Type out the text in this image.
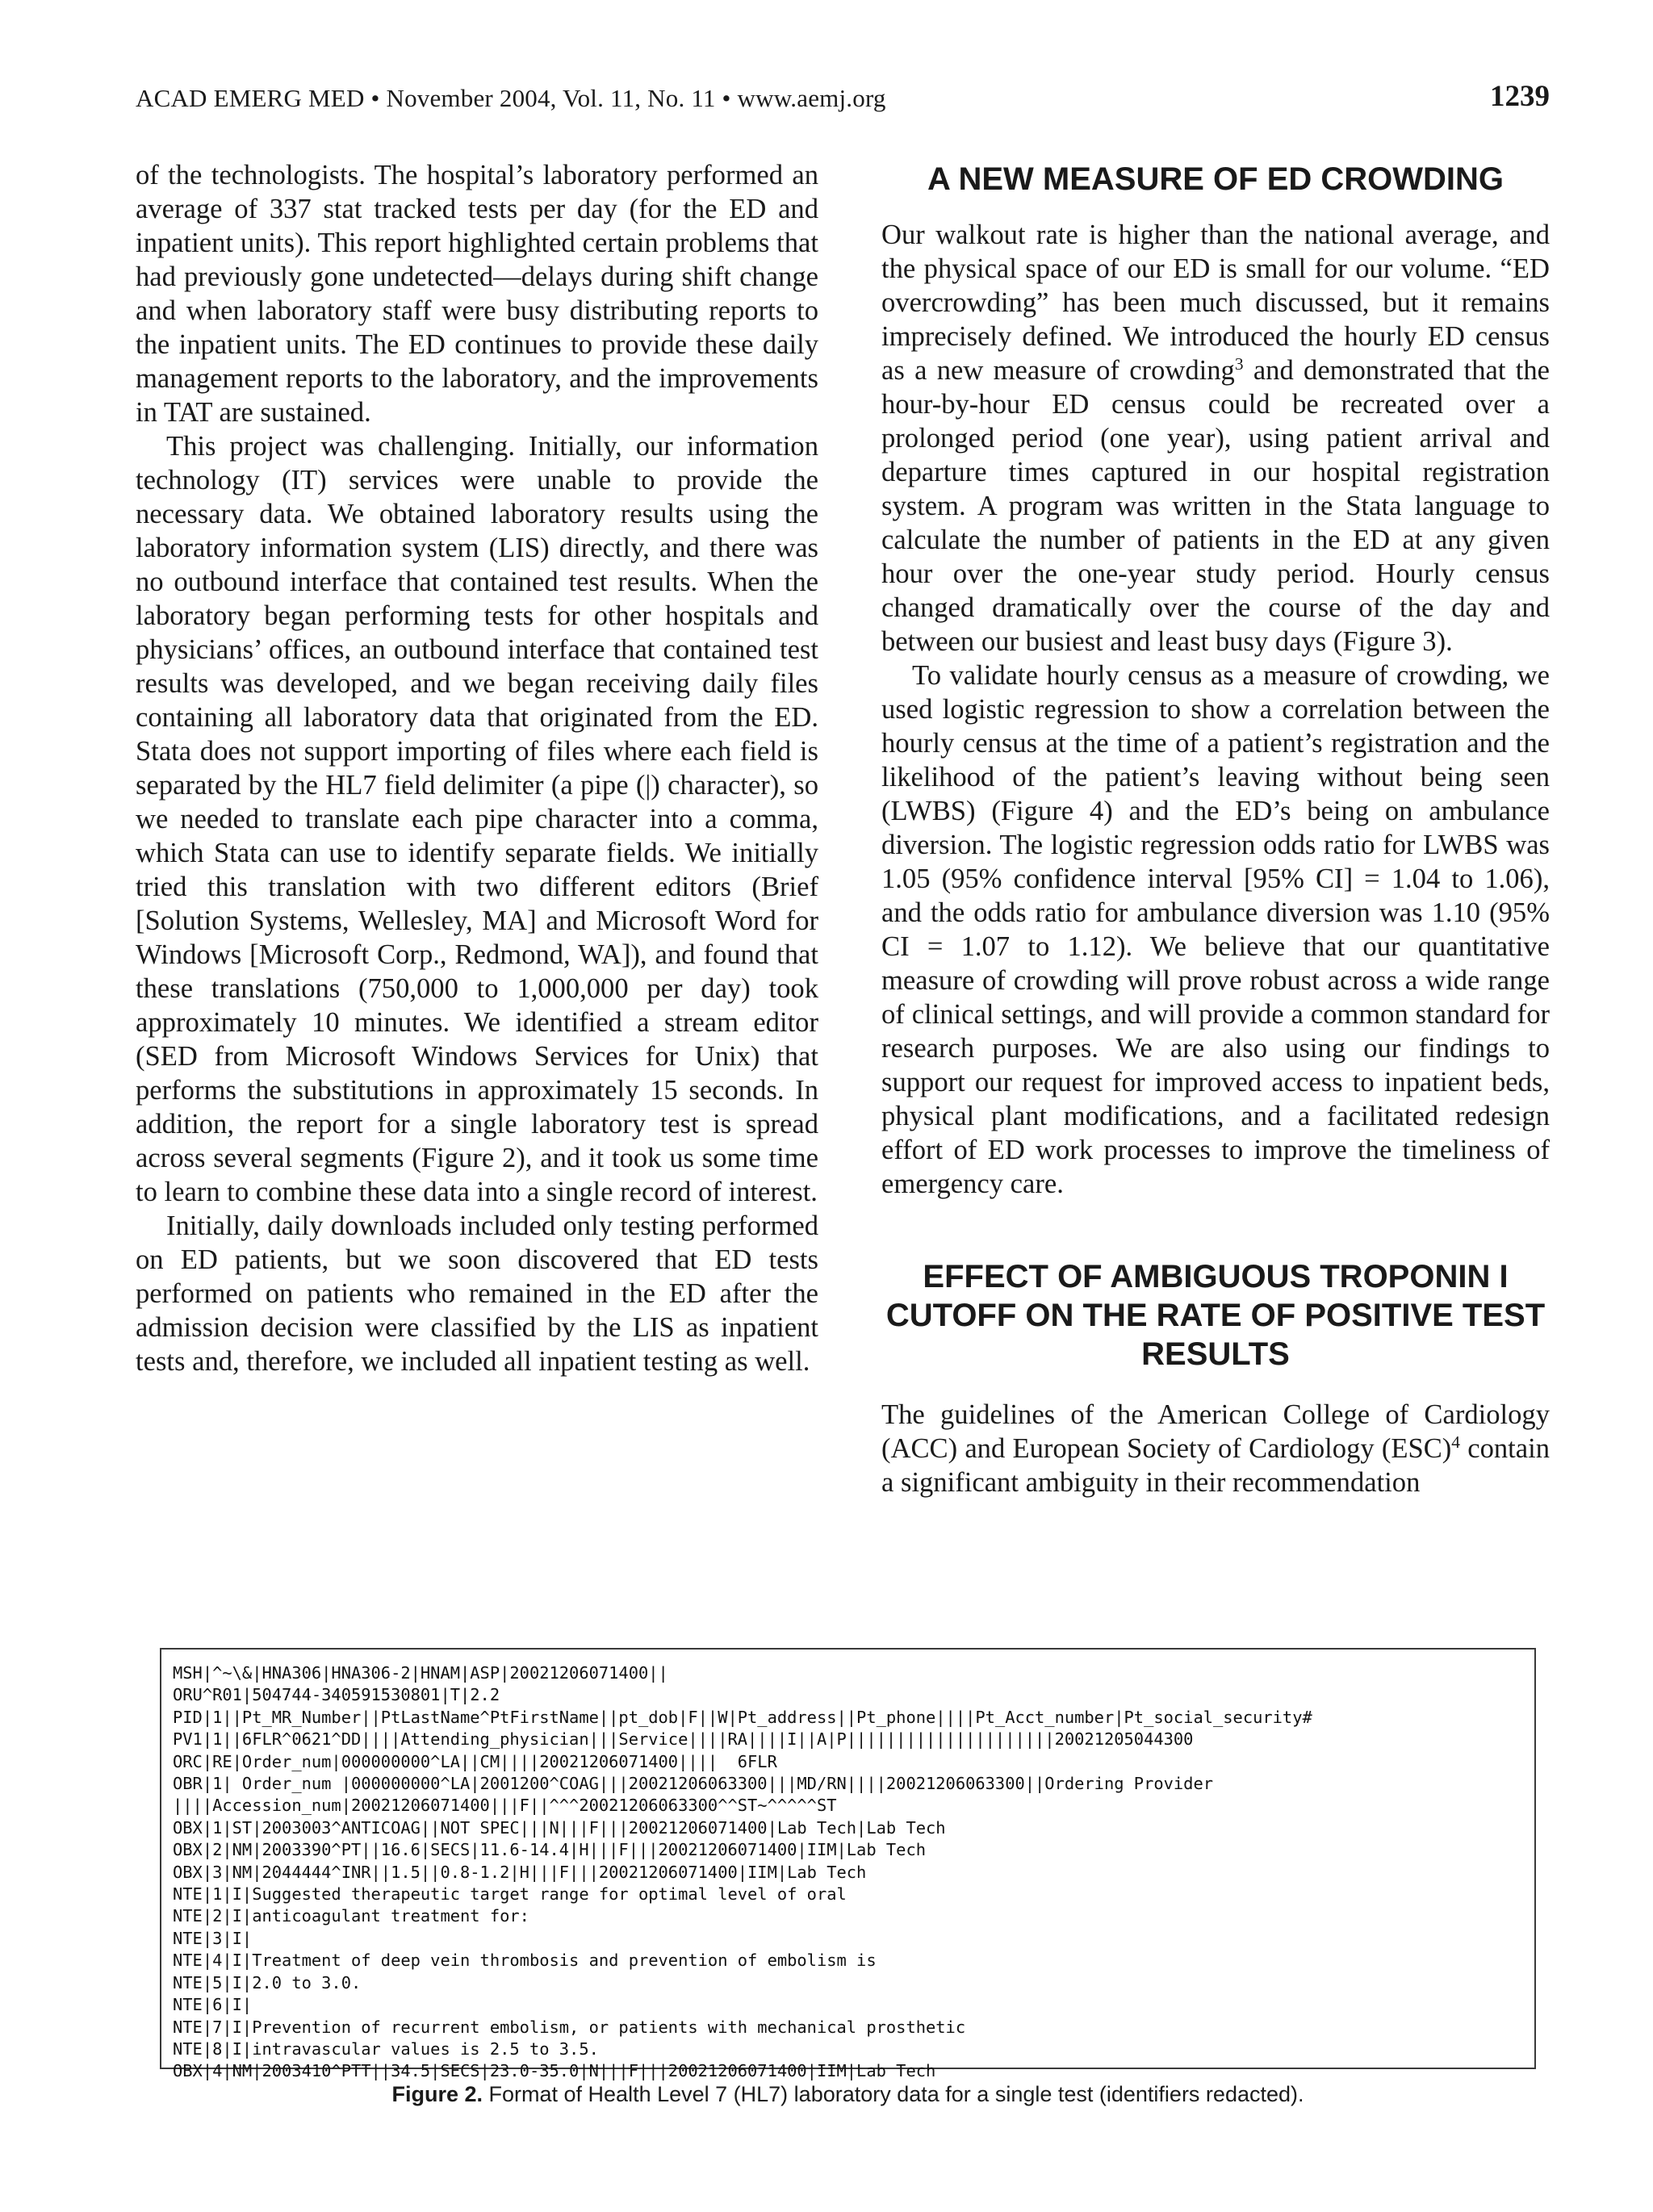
ACAD EMERG MED • November 2004, Vol. 11, No. 11 • www.aemj.org	1239

of the technologists. The hospital’s laboratory performed an average of 337 stat tracked tests per day (for the ED and inpatient units). This report highlighted certain problems that had previously gone undetected—delays during shift change and when laboratory staff were busy distributing reports to the inpatient units. The ED continues to provide these daily management reports to the laboratory, and the improvements in TAT are sustained.

This project was challenging. Initially, our information technology (IT) services were unable to provide the necessary data. We obtained laboratory results using the laboratory information system (LIS) directly, and there was no outbound interface that contained test results. When the laboratory began performing tests for other hospitals and physicians’ offices, an outbound interface that contained test results was developed, and we began receiving daily files containing all laboratory data that originated from the ED. Stata does not support importing of files where each field is separated by the HL7 field delimiter (a pipe (|) character), so we needed to translate each pipe character into a comma, which Stata can use to identify separate fields. We initially tried this translation with two different editors (Brief [Solution Systems, Wellesley, MA] and Microsoft Word for Windows [Microsoft Corp., Redmond, WA]), and found that these translations (750,000 to 1,000,000 per day) took approximately 10 minutes. We identified a stream editor (SED from Microsoft Windows Services for Unix) that performs the substitutions in approximately 15 seconds. In addition, the report for a single laboratory test is spread across several segments (Figure 2), and it took us some time to learn to combine these data into a single record of interest.

Initially, daily downloads included only testing performed on ED patients, but we soon discovered that ED tests performed on patients who remained in the ED after the admission decision were classified by the LIS as inpatient tests and, therefore, we included all inpatient testing as well.

A NEW MEASURE OF ED CROWDING

Our walkout rate is higher than the national average, and the physical space of our ED is small for our volume. “ED overcrowding” has been much discussed, but it remains imprecisely defined. We introduced the hourly ED census as a new measure of crowding$^3$ and demonstrated that the hour-by-hour ED census could be recreated over a prolonged period (one year), using patient arrival and departure times captured in our hospital registration system. A program was written in the Stata language to calculate the number of patients in the ED at any given hour over the one-year study period. Hourly census changed dramatically over the course of the day and between our busiest and least busy days (Figure 3).

To validate hourly census as a measure of crowding, we used logistic regression to show a correlation between the hourly census at the time of a patient’s registration and the likelihood of the patient’s leaving without being seen (LWBS) (Figure 4) and the ED’s being on ambulance diversion. The logistic regression odds ratio for LWBS was 1.05 (95% confidence interval [95% CI] = 1.04 to 1.06), and the odds ratio for ambulance diversion was 1.10 (95% CI = 1.07 to 1.12). We believe that our quantitative measure of crowding will prove robust across a wide range of clinical settings, and will provide a common standard for research purposes. We are also using our findings to support our request for improved access to inpatient beds, physical plant modifications, and a facilitated redesign effort of ED work processes to improve the timeliness of emergency care.

EFFECT OF AMBIGUOUS TROPONIN I CUTOFF ON THE RATE OF POSITIVE TEST RESULTS

The guidelines of the American College of Cardiology (ACC) and European Society of Cardiology (ESC)$^4$ contain a significant ambiguity in their recommendation

MSH|^~\&|HNA306|HNA306-2|HNAM|ASP|20021206071400||
ORU^R01|504744-340591530801|T|2.2
PID|1||Pt_MR_Number||PtLastName^PtFirstName||pt_dob|F||W|Pt_address||Pt_phone||||Pt_Acct_number|Pt_social_security#
PV1|1||6FLR^0621^DD||||Attending_physician|||Service||||RA||||I||A|P|||||||||||||||||||||20021205044300
ORC|RE|Order_num|000000000^LA||CM||||20021206071400||||  6FLR
OBR|1| Order_num |000000000^LA|2001200^COAG|||20021206063300|||MD/RN||||20021206063300||Ordering Provider
||||Accession_num|20021206071400|||F||^^^20021206063300^^ST~^^^^^ST
OBX|1|ST|2003003^ANTICOAG||NOT SPEC|||N|||F|||20021206071400|Lab Tech|Lab Tech
OBX|2|NM|2003390^PT||16.6|SECS|11.6-14.4|H|||F|||20021206071400|IIM|Lab Tech
OBX|3|NM|2044444^INR||1.5||0.8-1.2|H|||F|||20021206071400|IIM|Lab Tech
NTE|1|I|Suggested therapeutic target range for optimal level of oral
NTE|2|I|anticoagulant treatment for:
NTE|3|I|
NTE|4|I|Treatment of deep vein thrombosis and prevention of embolism is
NTE|5|I|2.0 to 3.0.
NTE|6|I|
NTE|7|I|Prevention of recurrent embolism, or patients with mechanical prosthetic
NTE|8|I|intravascular values is 2.5 to 3.5.
OBX|4|NM|2003410^PTT||34.5|SECS|23.0-35.0|N|||F|||20021206071400|IIM|Lab Tech
Figure 2. Format of Health Level 7 (HL7) laboratory data for a single test (identifiers redacted).
